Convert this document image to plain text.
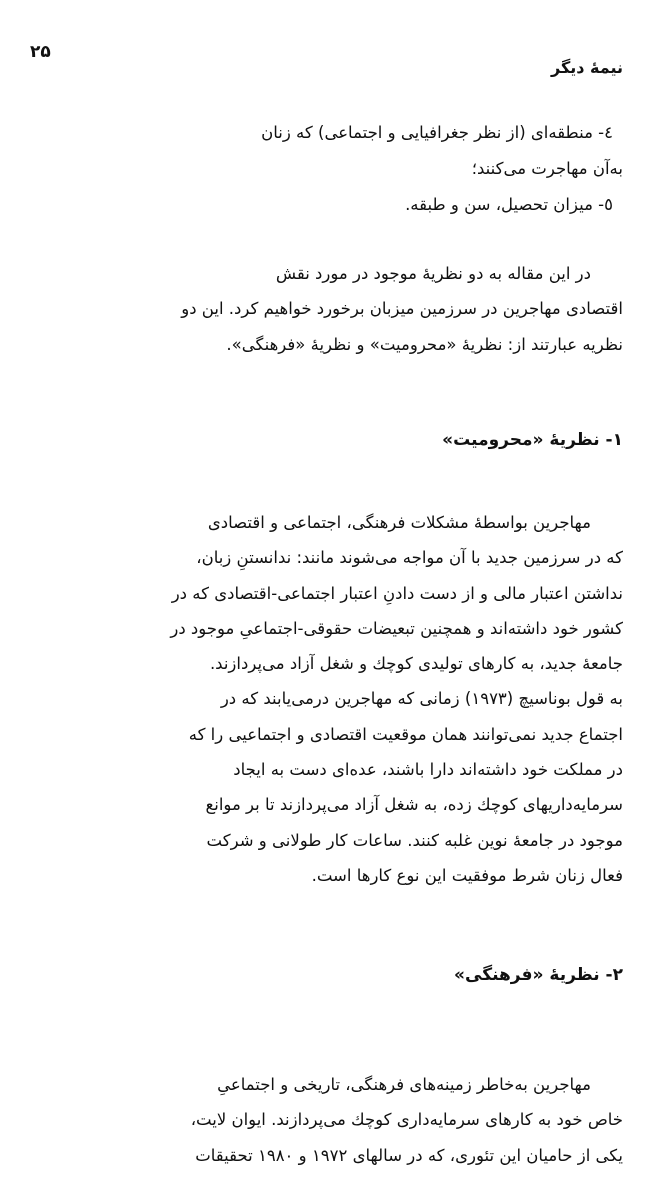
۲۵
نیمهٔ دیگر
٤- منطقه‌ای (از نظر جغرافیایی و اجتماعی) که زنان
به‌آن مهاجرت می‌کنند؛
٥- میزان تحصیل، سن و طبقه.
در این مقاله به دو نظریهٔ موجود در مورد نقش
اقتصادی مهاجرین در سرزمین میزبان برخورد خواهیم کرد. این دو
نظریه عبارتند از: نظریهٔ «محرومیت» و نظریهٔ «فرهنگی».
۱- نظریهٔ «محرومیت»
مهاجرین بواسطهٔ مشکلات فرهنگی، اجتماعی و اقتصادی
که در سرزمین جدید با آن مواجه می‌شوند مانند: ندانستنِ زبان،
نداشتن اعتبار مالی و از دست دادنِ اعتبار اجتماعی-اقتصادی که در
کشور خود داشته‌اند و همچنین تبعیضات حقوقی-اجتماعیِ موجود در
جامعهٔ جدید، به کارهای تولیدی کوچك و شغل آزاد می‌پردازند.
به قول بوناسیچ (۱۹۷۳) زمانی که مهاجرین درمی‌یابند که در
اجتماع جدید نمی‌توانند همان موقعیت اقتصادی و اجتماعیی را که
در مملکت خود داشته‌اند دارا باشند، عده‌ای دست به ایجاد
سرمایه‌داریهای کوچك زده، به شغل آزاد می‌پردازند تا بر موانع
موجود در جامعهٔ نوین غلبه کنند. ساعات کار طولانی و شرکت
فعال زنان شرط موفقیت این نوع کارها است.
۲- نظریهٔ «فرهنگی»
مهاجرین به‌خاطر زمینه‌های فرهنگی، تاریخی و اجتماعیِ
خاص خود به کارهای سرمایه‌داری کوچك می‌پردازند. ایوان لایت،
یکی از حامیان این تئوری، که در سالهای ۱۹۷۲ و ۱۹۸۰ تحقیقات
